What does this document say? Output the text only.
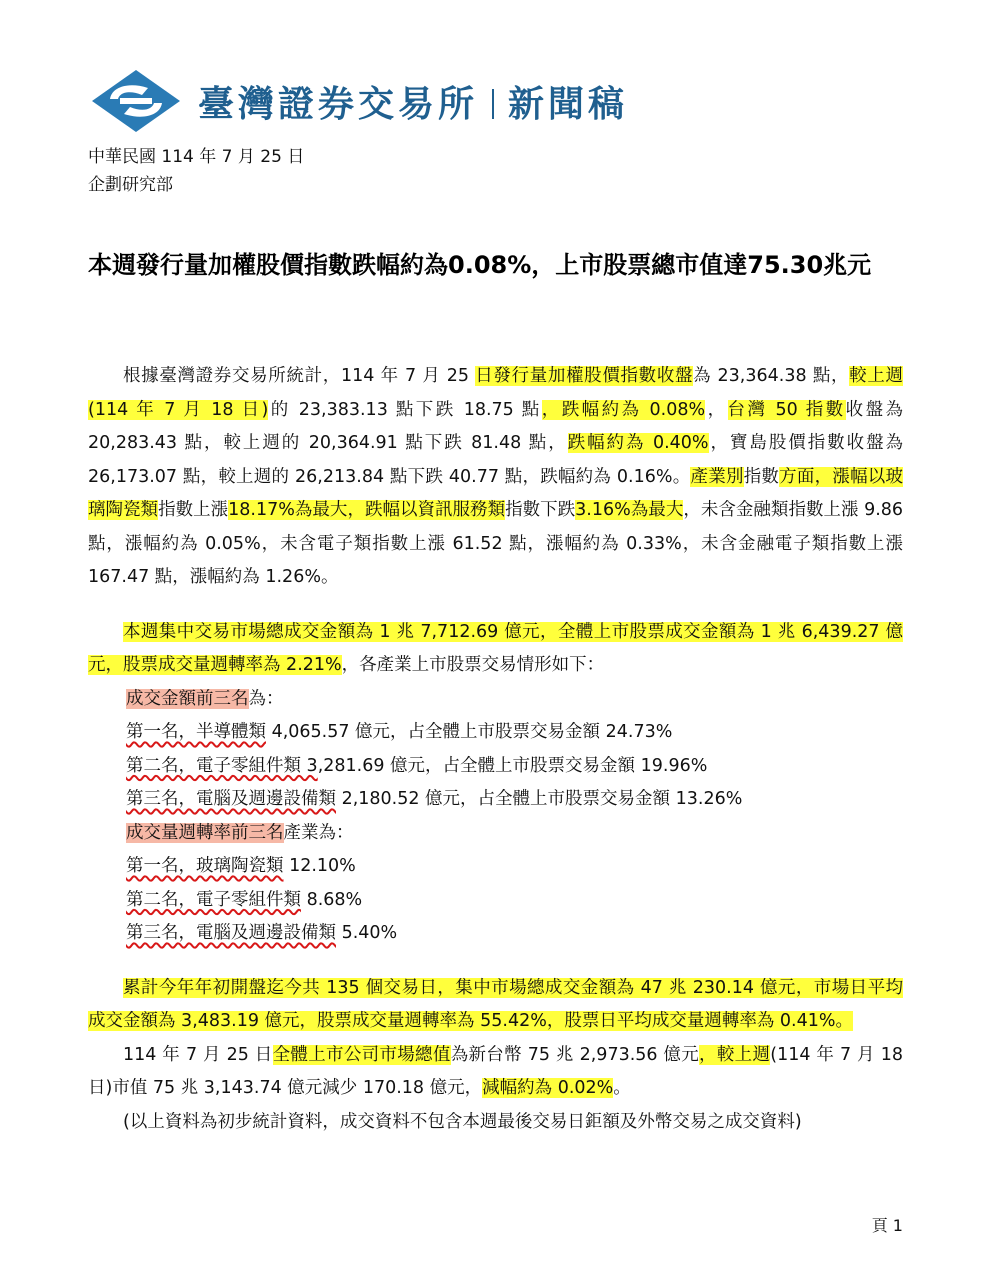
臺灣證券交易所 新聞稿
中華民國 114 年 7 月 25 日
企劃研究部
本週發行量加權股價指數跌幅約為0.08%，上市股票總市值達75.30兆元

根據臺灣證券交易所統計，114 年 7 月 25 日發行量加權股價指數收盤為 23,364.38 點，較上週(114 年 7 月 18 日)的 23,383.13 點下跌 18.75 點，跌幅約為 0.08%，台灣 50 指數收盤為 20,283.43 點，較上週的 20,364.91 點下跌 81.48 點，跌幅約為 0.40%，寶島股價指數收盤為 26,173.07 點，較上週的 26,213.84 點下跌 40.77 點，跌幅約為 0.16%。產業別指數方面，漲幅以玻璃陶瓷類指數上漲18.17%為最大，跌幅以資訊服務類指數下跌3.16%為最大，未含金融類指數上漲 9.86 點，漲幅約為 0.05%，未含電子類指數上漲 61.52 點，漲幅約為 0.33%，未含金融電子類指數上漲 167.47 點，漲幅約為 1.26%。

本週集中交易市場總成交金額為 1 兆 7,712.69 億元，全體上市股票成交金額為 1 兆 6,439.27 億元，股票成交量週轉率為 2.21%，各產業上市股票交易情形如下：

成交金額前三名為：

第一名，半導體類 4,065.57 億元，占全體上市股票交易金額 24.73%

第二名，電子零組件類 3,281.69 億元，占全體上市股票交易金額 19.96%

第三名，電腦及週邊設備類 2,180.52 億元，占全體上市股票交易金額 13.26%

成交量週轉率前三名產業為：

第一名，玻璃陶瓷類 12.10%

第二名，電子零組件類 8.68%

第三名，電腦及週邊設備類 5.40%

累計今年年初開盤迄今共 135 個交易日，集中市場總成交金額為 47 兆 230.14 億元，市場日平均成交金額為 3,483.19 億元，股票成交量週轉率為 55.42%，股票日平均成交量週轉率為 0.41%。

114 年 7 月 25 日全體上市公司市場總值為新台幣 75 兆 2,973.56 億元，較上週(114 年 7 月 18 日)市值 75 兆 3,143.74 億元減少 170.18 億元，減幅約為 0.02%。

(以上資料為初步統計資料，成交資料不包含本週最後交易日鉅額及外幣交易之成交資料)

頁 1
